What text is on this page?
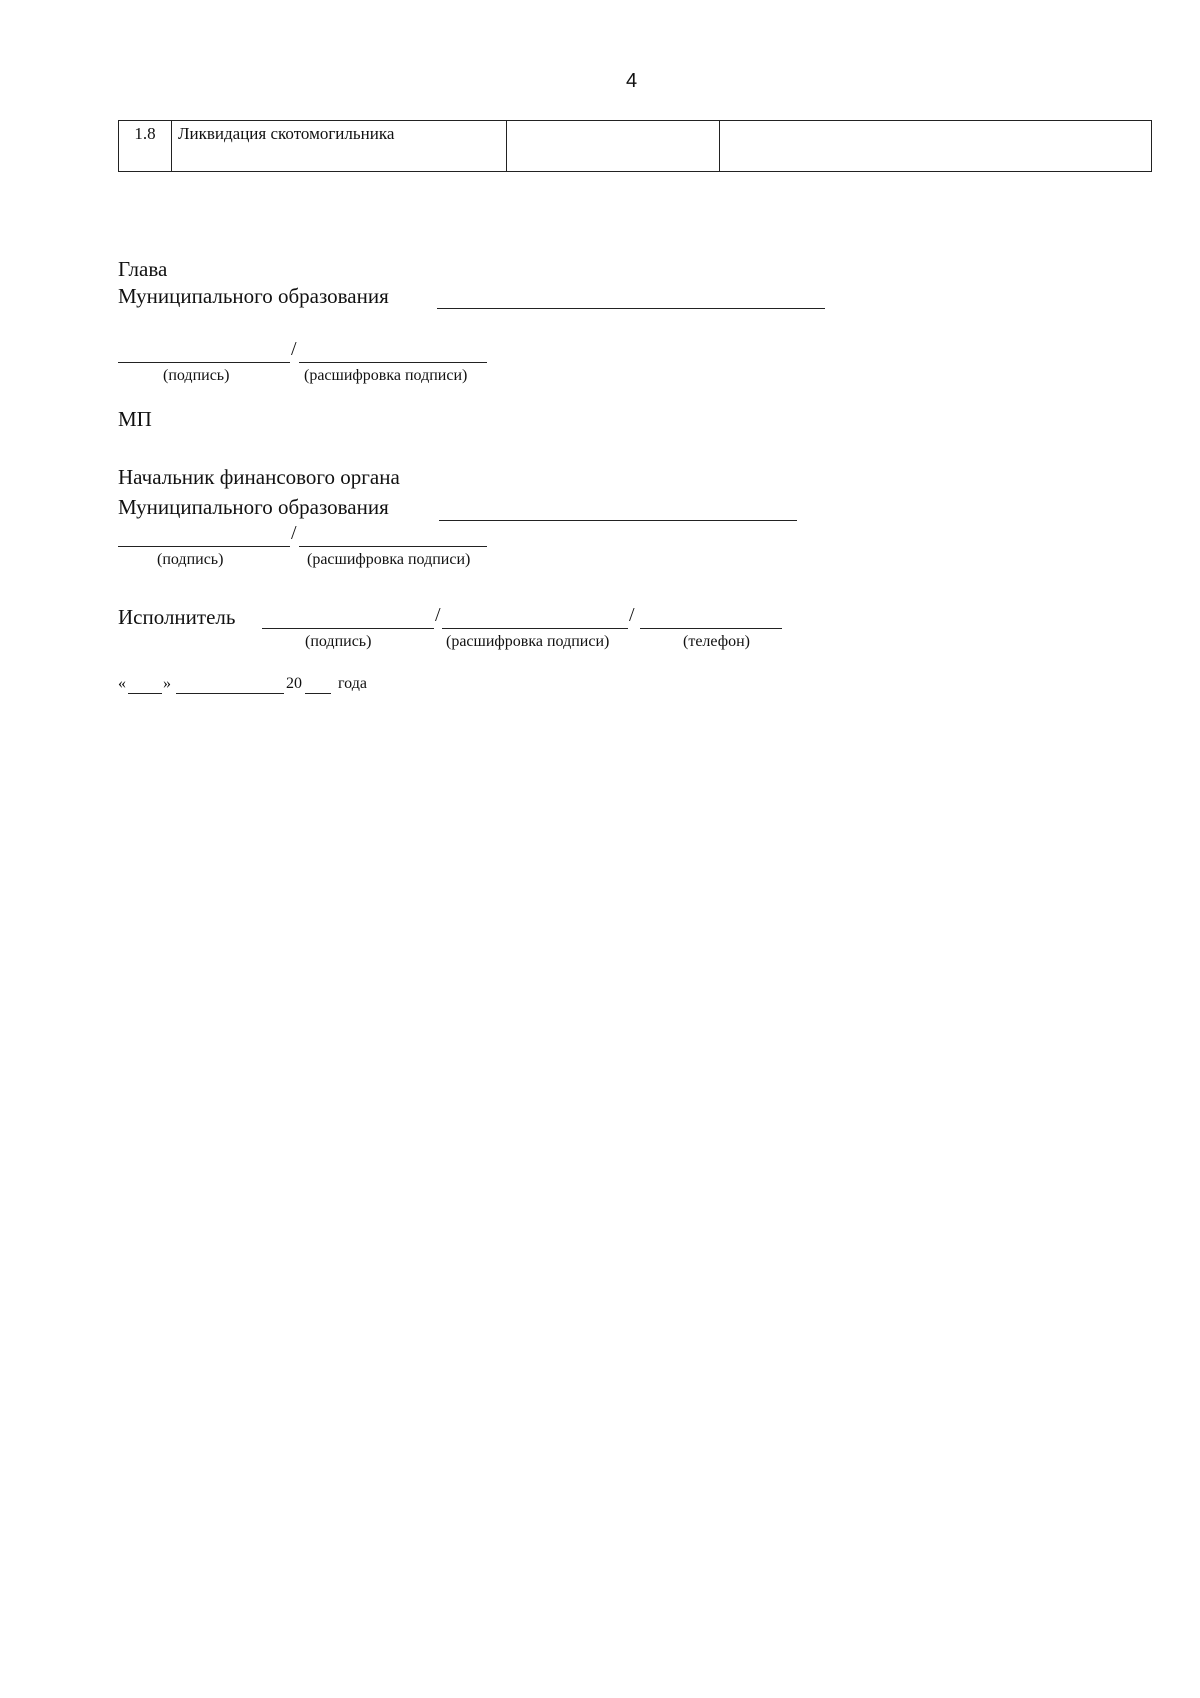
4
1.8	Ликвидация скотомогильника		
Глава
Муниципального образования
/
(подпись)	(расшифровка подписи)
МП
Начальник финансового органа
Муниципального образования
/
(подпись)	(расшифровка подписи)
Исполнитель	/	/
(подпись)	(расшифровка подписи)	(телефон)
« »	20 года
